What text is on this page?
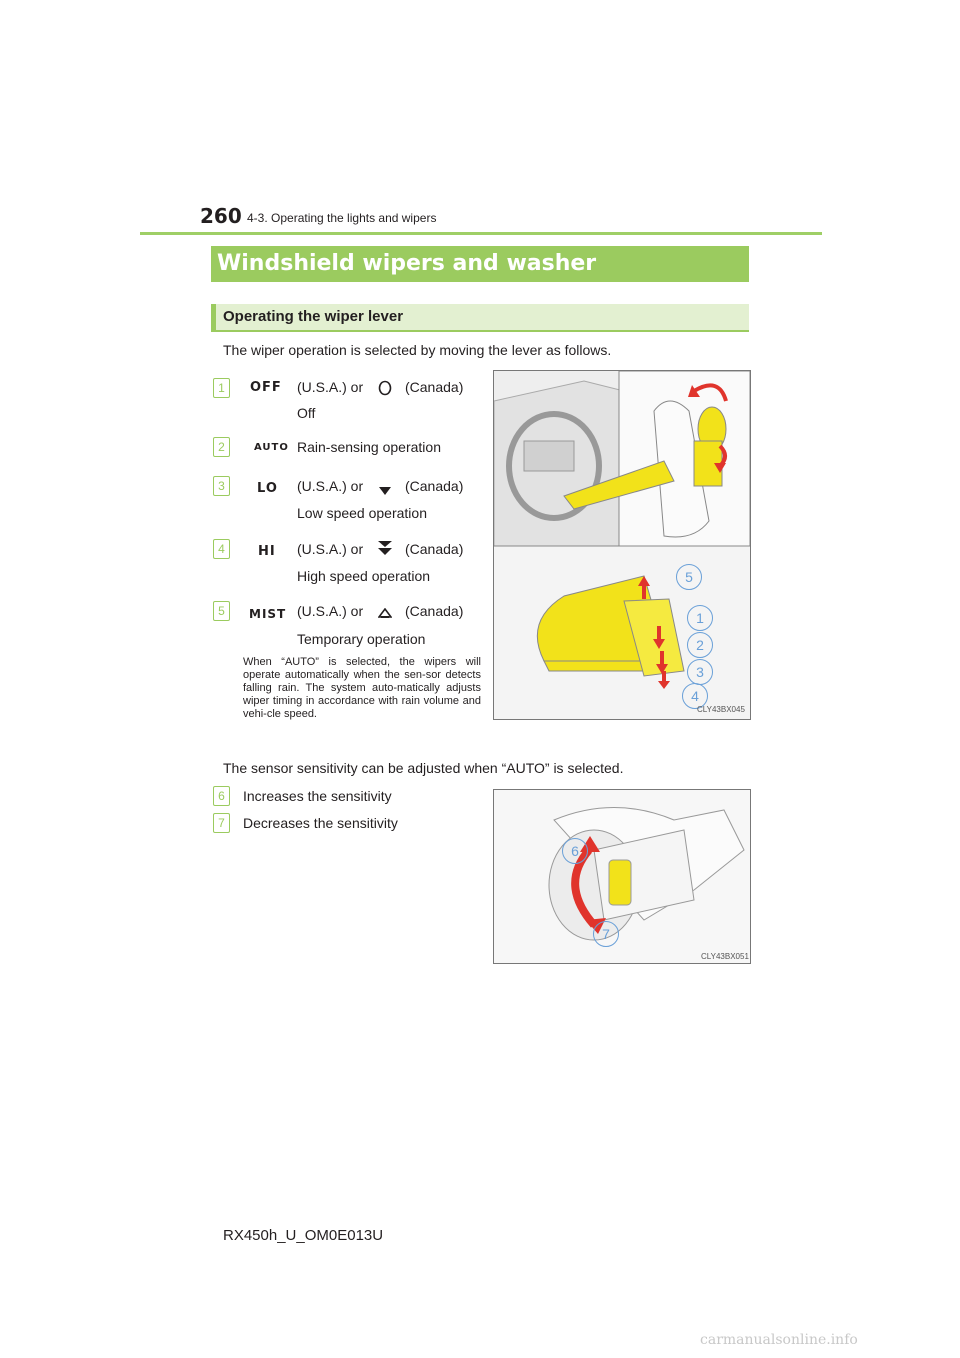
260 4-3. Operating the lights and wipers
Windshield wipers and washer
Operating the wiper lever
The wiper operation is selected by moving the lever as follows.
1	OFF (U.S.A.) or	(Canada)
Off
2	AUTO Rain-sensing operation
3	LO (U.S.A.) or	(Canada)
Low speed operation
4	HI (U.S.A.) or	(Canada)
High speed operation
5	MIST (U.S.A.) or	(Canada)
Temporary operation
When “AUTO” is selected, the wipers will operate automatically when the sen-sor detects falling rain. The system auto-matically adjusts wiper timing in accordance with rain volume and vehi-cle speed.
5
1
2
3
4
CLY43BX045
The sensor sensitivity can be adjusted when “AUTO” is selected.
6	Increases the sensitivity
7	Decreases the sensitivity
6
7
CLY43BX051
RX450h_U_OM0E013U
carmanualsonline.info
